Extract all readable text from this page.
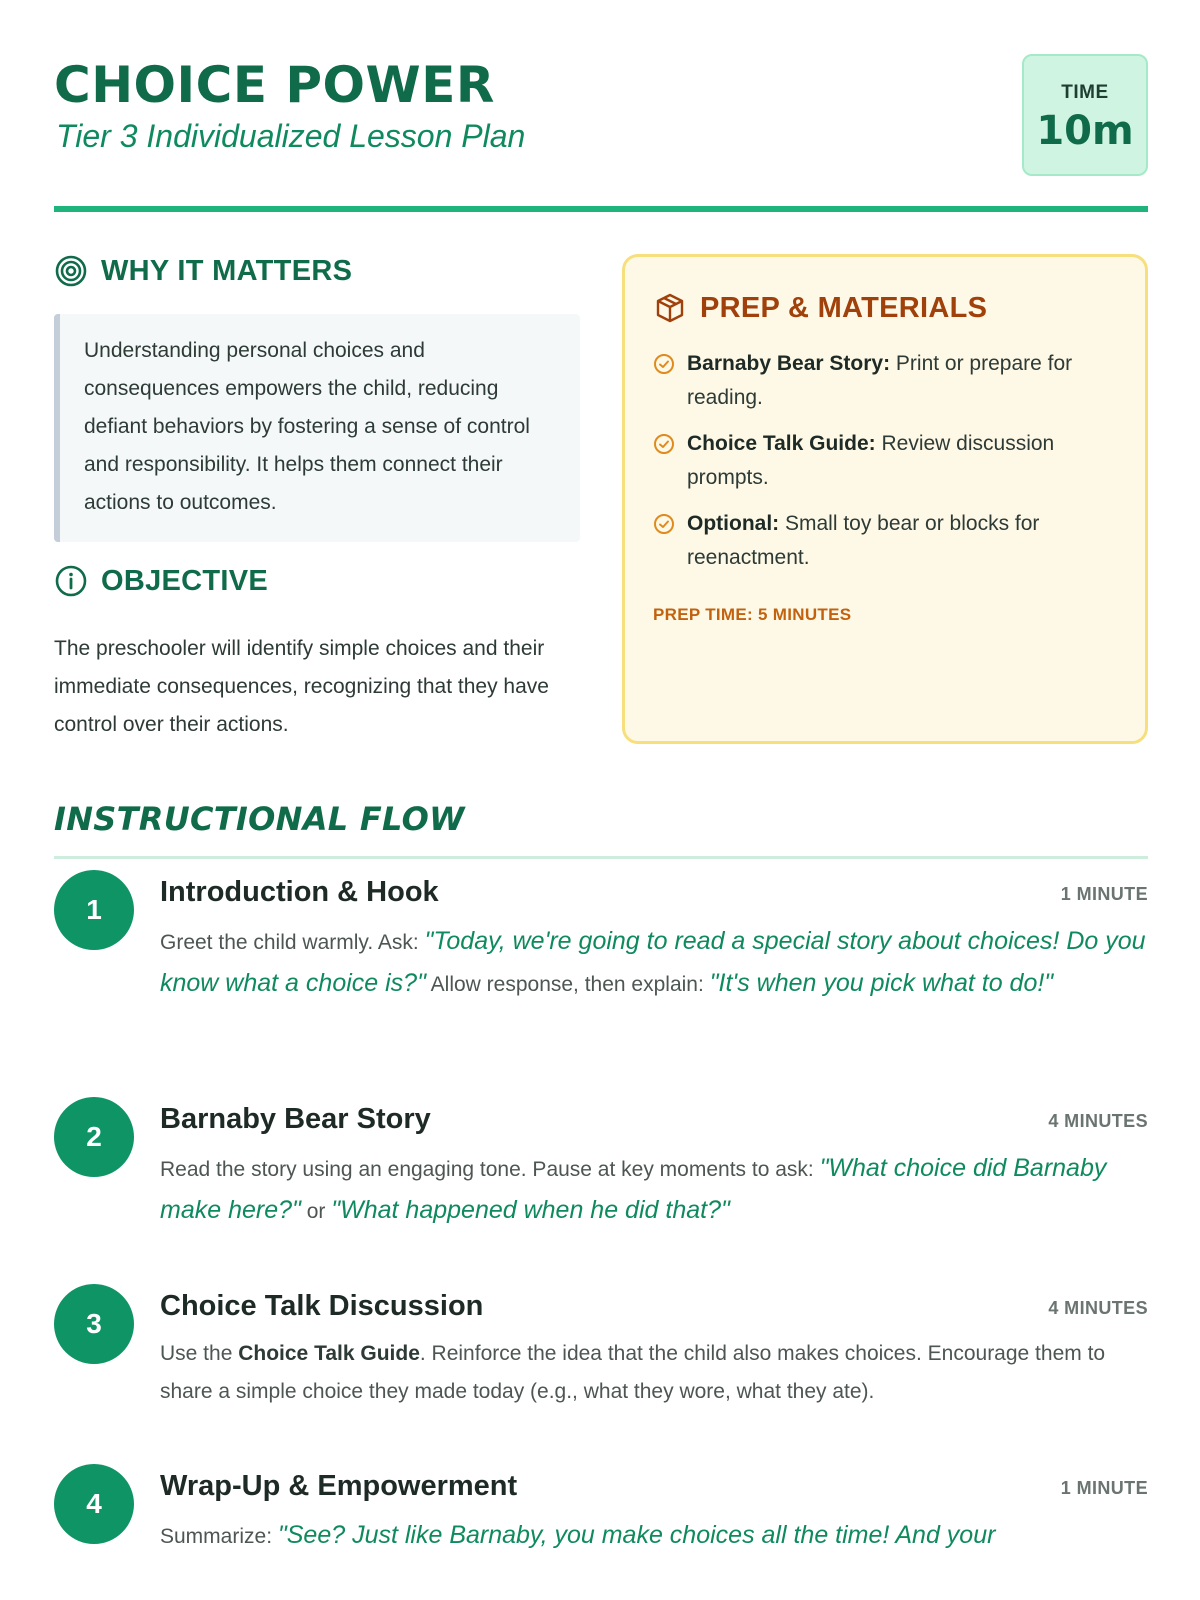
CHOICE POWER

Tier 3 Individualized Lesson Plan

TIME
10m
WHY IT MATTERS
Understanding personal choices and consequences empowers the child, reducing defiant behaviors by fostering a sense of control and responsibility. It helps them connect their actions to outcomes.
OBJECTIVE

The preschooler will identify simple choices and their immediate consequences, recognizing that they have control over their actions.

PREP & MATERIALS
Barnaby Bear Story: Print or prepare for reading.
Choice Talk Guide: Review discussion prompts.
Optional: Small toy bear or blocks for reenactment.
PREP TIME: 5 MINUTES
INSTRUCTIONAL FLOW
1
Introduction & Hook	1 MINUTE

Greet the child warmly. Ask: "Today, we're going to read a special story about choices! Do you know what a choice is?" Allow response, then explain: "It's when you pick what to do!"

2
Barnaby Bear Story	4 MINUTES

Read the story using an engaging tone. Pause at key moments to ask: "What choice did Barnaby make here?" or "What happened when he did that?"

3
Choice Talk Discussion	4 MINUTES

Use the Choice Talk Guide. Reinforce the idea that the child also makes choices. Encourage them to share a simple choice they made today (e.g., what they wore, what they ate).

4
Wrap-Up & Empowerment	1 MINUTE

Summarize: "See? Just like Barnaby, you make choices all the time! And your
